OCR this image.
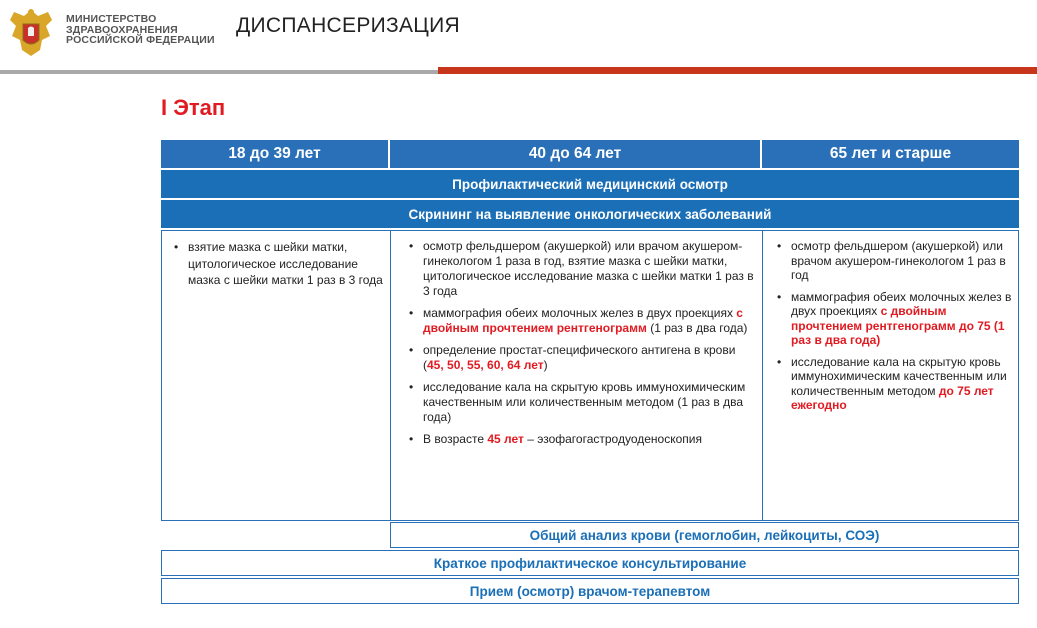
МИНИСТЕРСТВО
ЗДРАВООХРАНЕНИЯ
РОССИЙСКОЙ ФЕДЕРАЦИИ
ДИСПАНСЕРИЗАЦИЯ
I Этап
18 до 39 лет	40 до 64 лет	65 лет и старше
Профилактический медицинский осмотр
Скрининг на выявление онкологических заболеваний
• взятие мазка с шейки матки, цитологическое исследование мазка с шейки матки 1 раз в 3 года
• осмотр фельдшером (акушеркой) или врачом акушером-гинекологом 1 раза в год, взятие мазка с шейки матки, цитологическое исследование мазка с шейки матки 1 раз в 3 года
• маммография обеих молочных желез в двух проекциях с двойным прочтением рентгенограмм (1 раз в два года)
• определение простат-специфического антигена в крови (45, 50, 55, 60, 64 лет)
• исследование кала на скрытую кровь иммунохимическим качественным или количественным методом (1 раз в два года)
• В возрасте 45 лет – эзофагогастродуоденоскопия
• осмотр фельдшером (акушеркой) или врачом акушером-гинекологом 1 раз в год
• маммография обеих молочных желез в двух проекциях с двойным прочтением рентгенограмм до 75 (1 раз в два года)
• исследование кала на скрытую кровь иммунохимическим качественным или количественным методом до 75 лет ежегодно
Общий анализ крови (гемоглобин, лейкоциты, СОЭ)
Краткое профилактическое консультирование
Прием (осмотр) врачом-терапевтом
